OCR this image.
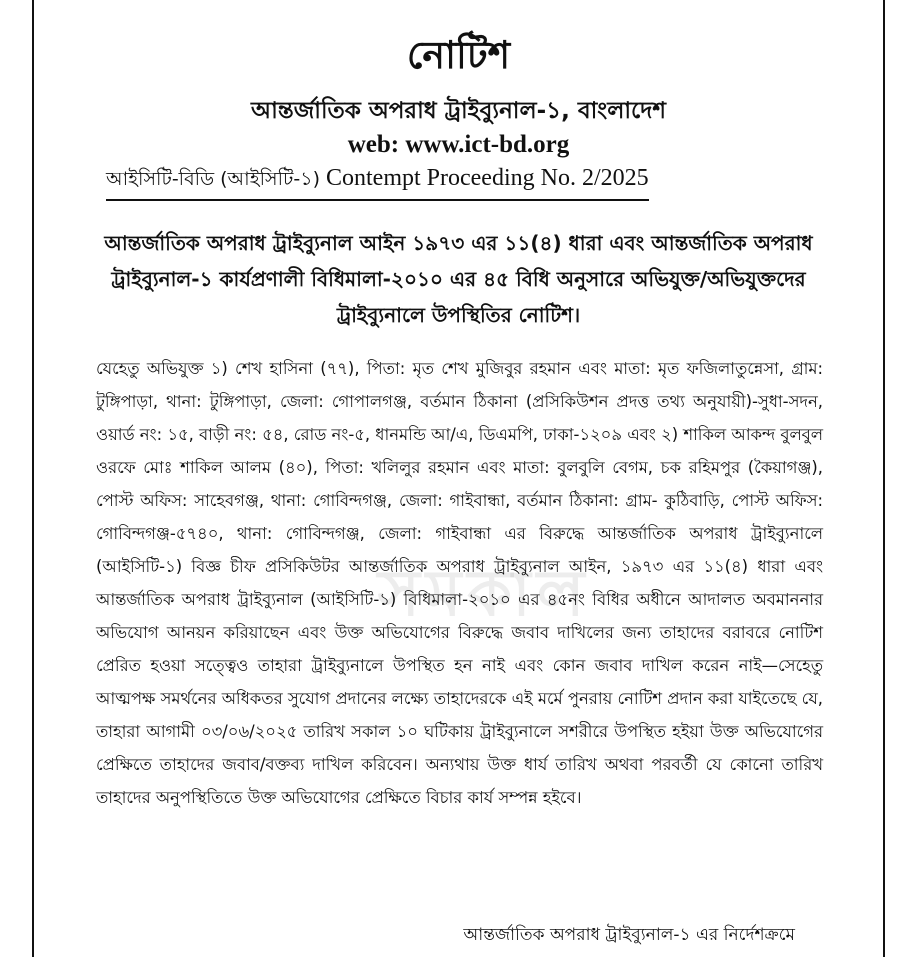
নোটিশ
আন্তর্জাতিক অপরাধ ট্রাইব্যুনাল-১, বাংলাদেশ
web: www.ict-bd.org
আইসিটি-বিডি (আইসিটি-১) Contempt Proceeding No. 2/2025
আন্তর্জাতিক অপরাধ ট্রাইব্যুনাল আইন ১৯৭৩ এর ১১(৪) ধারা এবং আন্তর্জাতিক অপরাধ ট্রাইব্যুনাল-১ কার্যপ্রণালী বিধিমালা-২০১০ এর ৪৫ বিধি অনুসারে অভিযুক্ত/অভিযুক্তদের ট্রাইব্যুনালে উপস্থিতির নোটিশ।
যেহেতু অভিযুক্ত ১) শেখ হাসিনা (৭৭), পিতা: মৃত শেখ মুজিবুর রহমান এবং মাতা: মৃত ফজিলাতুন্নেসা, গ্রাম: টুঙ্গিপাড়া, থানা: টুঙ্গিপাড়া, জেলা: গোপালগঞ্জ, বর্তমান ঠিকানা (প্রসিকিউশন প্রদত্ত তথ্য অনুযায়ী)-সুধা-সদন, ওয়ার্ড নং: ১৫, বাড়ী নং: ৫৪, রোড নং-৫, ধানমন্ডি আ/এ, ডিএমপি, ঢাকা-১২০৯ এবং ২) শাকিল আকন্দ বুলবুল ওরফে মোঃ শাকিল আলম (৪০), পিতা: খলিলুর রহমান এবং মাতা: বুলবুলি বেগম, চক রহিমপুর (কৈয়াগঞ্জ), পোস্ট অফিস: সাহেবগঞ্জ, থানা: গোবিন্দগঞ্জ, জেলা: গাইবান্ধা, বর্তমান ঠিকানা: গ্রাম- কুঠিবাড়ি, পোস্ট অফিস: গোবিন্দগঞ্জ-৫৭৪০, থানা: গোবিন্দগঞ্জ, জেলা: গাইবান্ধা এর বিরুদ্ধে আন্তর্জাতিক অপরাধ ট্রাইব্যুনালে (আইসিটি-১) বিজ্ঞ চীফ প্রসিকিউটর আন্তর্জাতিক অপরাধ ট্রাইব্যুনাল আইন, ১৯৭৩ এর ১১(৪) ধারা এবং আন্তর্জাতিক অপরাধ ট্রাইব্যুনাল (আইসিটি-১) বিধিমালা-২০১০ এর ৪৫নং বিধির অধীনে আদালত অবমাননার অভিযোগ আনয়ন করিয়াছেন এবং উক্ত অভিযোগের বিরুদ্ধে জবাব দাখিলের জন্য তাহাদের বরাবরে নোটিশ প্রেরিত হওয়া সত্ত্বেও তাহারা ট্রাইব্যুনালে উপস্থিত হন নাই এবং কোন জবাব দাখিল করেন নাই—সেহেতু আত্মপক্ষ সমর্থনের অধিকতর সুযোগ প্রদানের লক্ষ্যে তাহাদেরকে এই মর্মে পুনরায় নোটিশ প্রদান করা যাইতেছে যে, তাহারা আগামী ০৩/০৬/২০২৫ তারিখ সকাল ১০ ঘটিকায় ট্রাইব্যুনালে সশরীরে উপস্থিত হইয়া উক্ত অভিযোগের প্রেক্ষিতে তাহাদের জবাব/বক্তব্য দাখিল করিবেন। অন্যথায় উক্ত ধার্য তারিখ অথবা পরবর্তী যে কোনো তারিখ তাহাদের অনুপস্থিতিতে উক্ত অভিযোগের প্রেক্ষিতে বিচার কার্য সম্পন্ন হইবে।
সমকাল
আন্তর্জাতিক অপরাধ ট্রাইব্যুনাল-১ এর নির্দেশক্রমে
